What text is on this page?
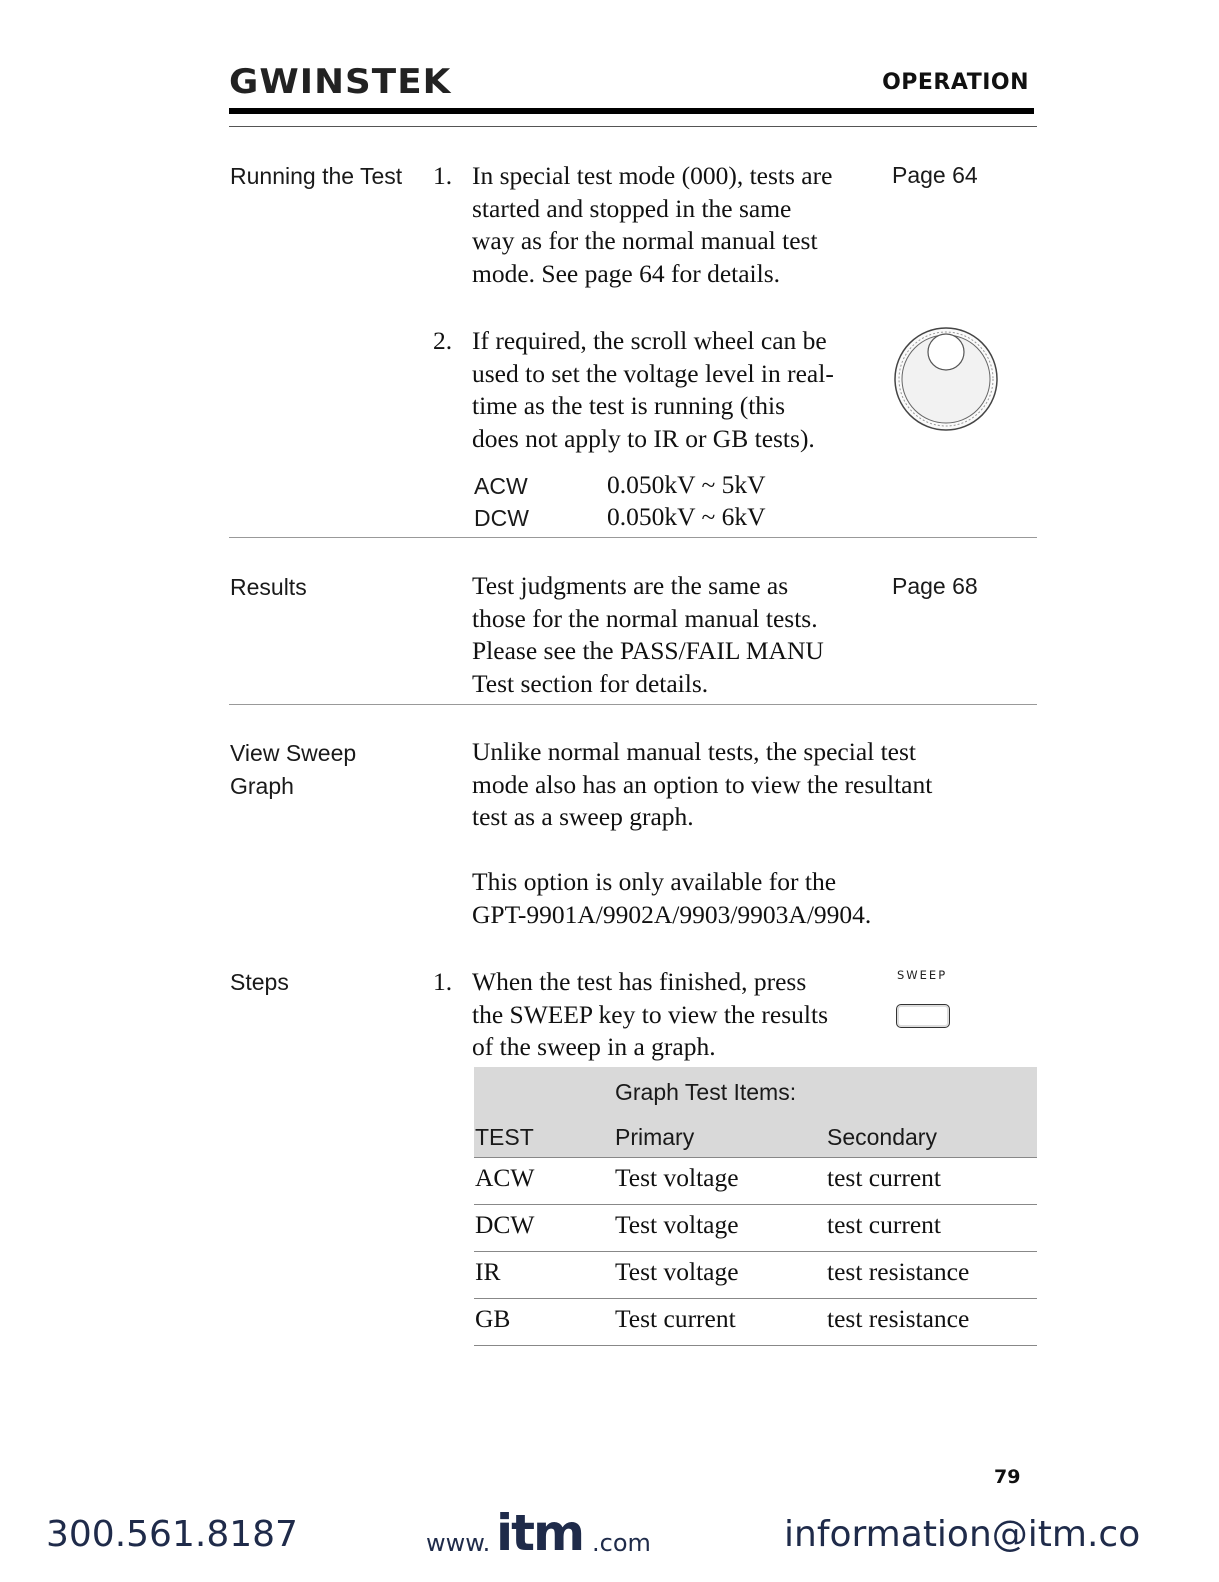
GWINSTEK	OPERATION
Running the Test 1. In special test mode (000), tests are
started and stopped in the same
way as for the normal manual test
mode. See page 64 for details.
Page 64
2. If required, the scroll wheel can be
used to set the voltage level in real-
time as the test is running (this
does not apply to IR or GB tests).
ACW	0.050kV ~ 5kV
DCW	0.050kV ~ 6kV
Results	Test judgments are the same as
those for the normal manual tests.
Please see the PASS/FAIL MANU
Test section for details.
Page 68
View Sweep
Graph
Unlike normal manual tests, the special test
mode also has an option to view the resultant
test as a sweep graph.
This option is only available for the
GPT-9901A/9902A/9903/9903A/9904.
Steps	1. When the test has finished, press
the SWEEP key to view the results
of the sweep in a graph.
SWEEP
Graph Test Items:
TEST	Primary	Secondary
ACW	Test voltage	test current
DCW	Test voltage	test current
IR	Test voltage	test resistance
GB	Test current	test resistance
79
300.561.8187	www. itm .com	information@itm.co
